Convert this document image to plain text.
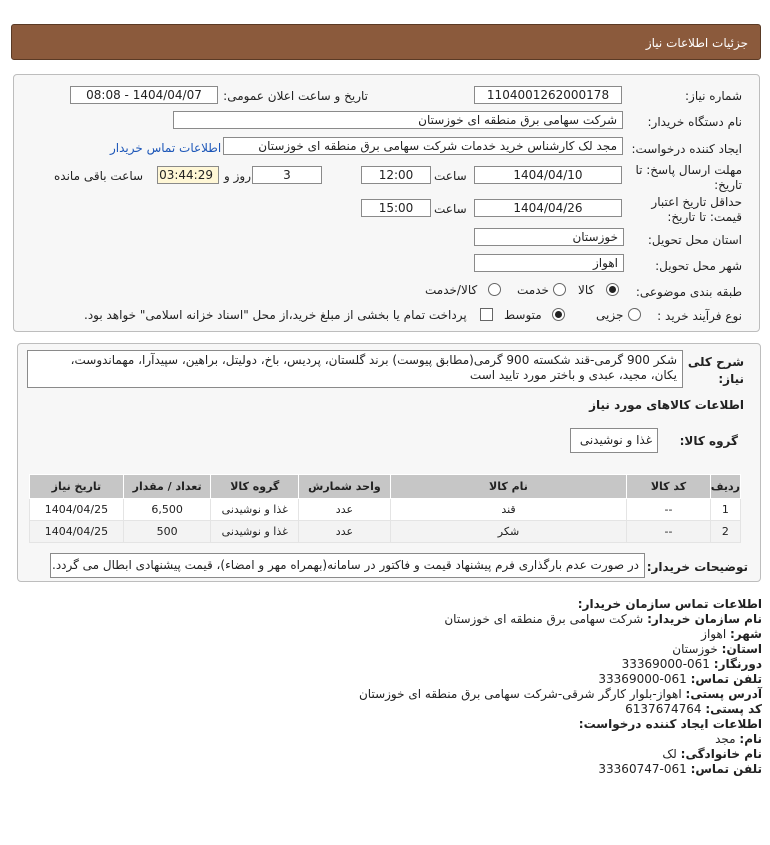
جزئیات اطلاعات نیاز
شماره نیاز:
1104001262000178
تاریخ و ساعت اعلان عمومی:
1404/04/07 - 08:08
نام دستگاه خریدار:
شرکت سهامی برق منطقه ای خوزستان
ایجاد کننده درخواست:
مجد لک کارشناس خرید خدمات شرکت سهامی برق منطقه ای خوزستان
اطلاعات تماس خریدار
مهلت ارسال پاسخ: تا
تاریخ:
1404/04/10
ساعت
12:00
3
روز و
03:44:29
ساعت باقی مانده
حداقل تاریخ اعتبار
قیمت: تا تاریخ:
1404/04/26
ساعت
15:00
استان محل تحویل:
خوزستان
شهر محل تحویل:
اهواز
طبقه بندی موضوعی:
کالا
خدمت
کالا/خدمت
نوع فرآیند خرید :
جزیی
متوسط
پرداخت تمام یا بخشی از مبلغ خرید،از محل "اسناد خزانه اسلامی" خواهد بود.
شرح کلی
نیاز:
شکر 900 گرمی-قند شکسته 900 گرمی(مطابق پیوست) برند گلستان، پردیس، باخ، دولیتل، براهین، سپیدآرا، مهماندوست،
یکان، مجید، عبدی و باختر مورد تایید است
اطلاعات کالاهای مورد نیاز
گروه کالا:
غذا و نوشیدنی
ردیف	کد کالا	نام کالا	واحد شمارش	گروه کالا	تعداد / مقدار	تاریخ نیاز
1	--	قند	عدد	غذا و نوشیدنی	6,500	1404/04/25
2	--	شکر	عدد	غذا و نوشیدنی	500	1404/04/25
توضیحات خریدار:
در صورت عدم بارگذاری فرم پیشنهاد قیمت و فاکتور در سامانه(بهمراه مهر و امضاء)، قیمت پیشنهادی ابطال می گردد.
اطلاعات تماس سازمان خریدار:
نام سازمان خریدار: شرکت سهامی برق منطقه ای خوزستان
شهر: اهواز
استان: خوزستان
دورنگار: 061-33369000
تلفن تماس: 061-33369000
آدرس پستی: اهواز-بلوار کارگر شرقی-شرکت سهامی برق منطقه ای خوزستان
کد پستی: 6137674764
اطلاعات ایجاد کننده درخواست:
نام: مجد
نام خانوادگی: لک
تلفن تماس: 061-33360747
